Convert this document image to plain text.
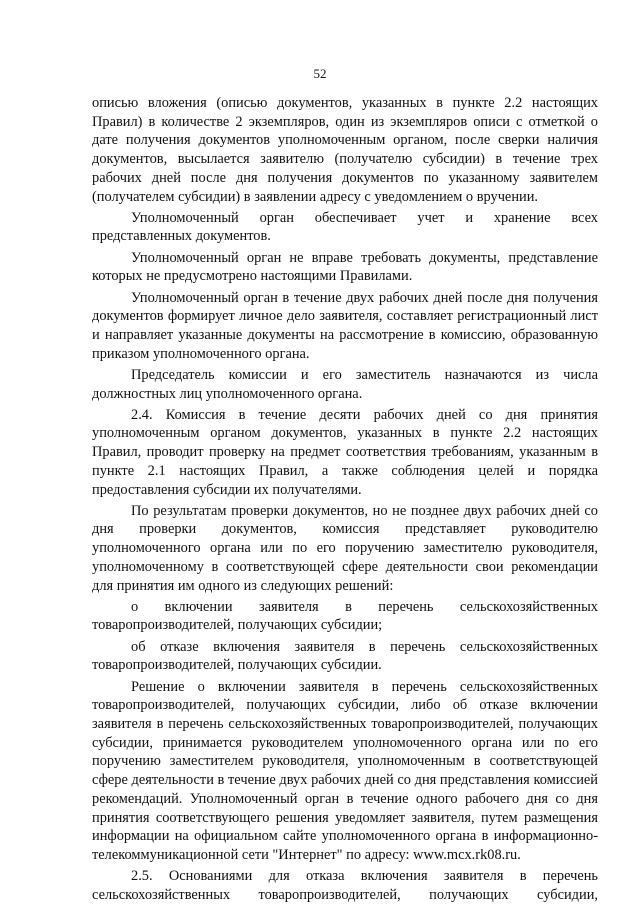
52

описью вложения (описью документов, указанных в пункте 2.2 настоящих Правил) в количестве 2 экземпляров, один из экземпляров описи с отметкой о дате получения документов уполномоченным органом, после сверки наличия документов, высылается заявителю (получателю субсидии) в течение трех рабочих дней после дня получения документов по указанному заявителем (получателем субсидии) в заявлении адресу с уведомлением о вручении.

Уполномоченный орган обеспечивает учет и хранение всех представленных документов.

Уполномоченный орган не вправе требовать документы, представление которых не предусмотрено настоящими Правилами.

Уполномоченный орган в течение двух рабочих дней после дня получения документов формирует личное дело заявителя, составляет регистрационный лист и направляет указанные документы на рассмотрение в комиссию, образованную приказом уполномоченного органа.

Председатель комиссии и его заместитель назначаются из числа должностных лиц уполномоченного органа.

2.4. Комиссия в течение десяти рабочих дней со дня принятия уполномоченным органом документов, указанных в пункте 2.2 настоящих Правил, проводит проверку на предмет соответствия требованиям, указанным в пункте 2.1 настоящих Правил, а также соблюдения целей и порядка предоставления субсидии их получателями.

По результатам проверки документов, но не позднее двух рабочих дней со дня проверки документов, комиссия представляет руководителю уполномоченного органа или по его поручению заместителю руководителя, уполномоченному в соответствующей сфере деятельности свои рекомендации для принятия им одного из следующих решений:

о включении заявителя в перечень сельскохозяйственных товаропроизводителей, получающих субсидии;

об отказе включения заявителя в перечень сельскохозяйственных товаропроизводителей, получающих субсидии.

Решение о включении заявителя в перечень сельскохозяйственных товаропроизводителей, получающих субсидии, либо об отказе включении заявителя в перечень сельскохозяйственных товаропроизводителей, получающих субсидии, принимается руководителем уполномоченного органа или по его поручению заместителем руководителя, уполномоченным в соответствующей сфере деятельности в течение двух рабочих дней со дня представления комиссией рекомендаций. Уполномоченный орган в течение одного рабочего дня со дня принятия соответствующего решения уведомляет заявителя, путем размещения информации на официальном сайте уполномоченного органа в информационно-телекоммуникационной сети "Интернет" по адресу: www.mcx.rk08.ru.

2.5. Основаниями для отказа включения заявителя в перечень сельскохозяйственных товаропроизводителей, получающих субсидии,
